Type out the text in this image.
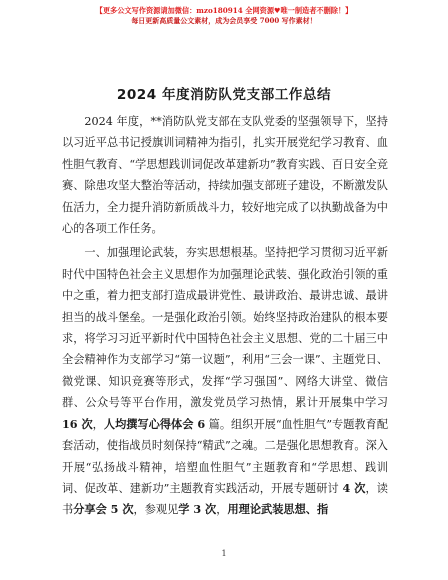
【更多公文写作资源请加微信：mzo180914 全网资源♥唯一制造者不删除！】
每日更新高质量公文素材，成为会员享受 7000 写作素材！
2024 年度消防队党支部工作总结

2024 年度，**消防队党支部在支队党委的坚强领导下，坚持以习近平总书记授旗训词精神为指引，扎实开展党纪学习教育、血性胆气教育、“学思想践训词促改革建新功”教育实践、百日安全竞赛、除患攻坚大整治等活动，持续加强支部班子建设，不断激发队伍活力，全力提升消防新质战斗力，较好地完成了以执勤战备为中心的各项工作任务。

一、加强理论武装，夯实思想根基。坚持把学习贯彻习近平新时代中国特色社会主义思想作为加强理论武装、强化政治引领的重中之重，着力把支部打造成最讲党性、最讲政治、最讲忠诚、最讲担当的战斗堡垒。一是强化政治引领。始终坚持政治建队的根本要求，将学习习近平新时代中国特色社会主义思想、党的二十届三中全会精神作为支部学习“第一议题”，利用“三会一课”、主题党日、微党课、知识竞赛等形式，发挥“学习强国”、网络大讲堂、微信群、公众号等平台作用，激发党员学习热情，累计开展集中学习 16 次，人均撰写心得体会 6 篇。组织开展“血性胆气”专题教育配套活动，使指战员时刻保持“精武”之魂。二是强化思想教育。深入开展“弘扬战斗精神，培塑血性胆气”主题教育和“学思想、践训词、促改革、建新功”主题教育实践活动，开展专题研讨 4 次，读书分享会 5 次，参观见学 3 次，用理论武装思想、指

1
